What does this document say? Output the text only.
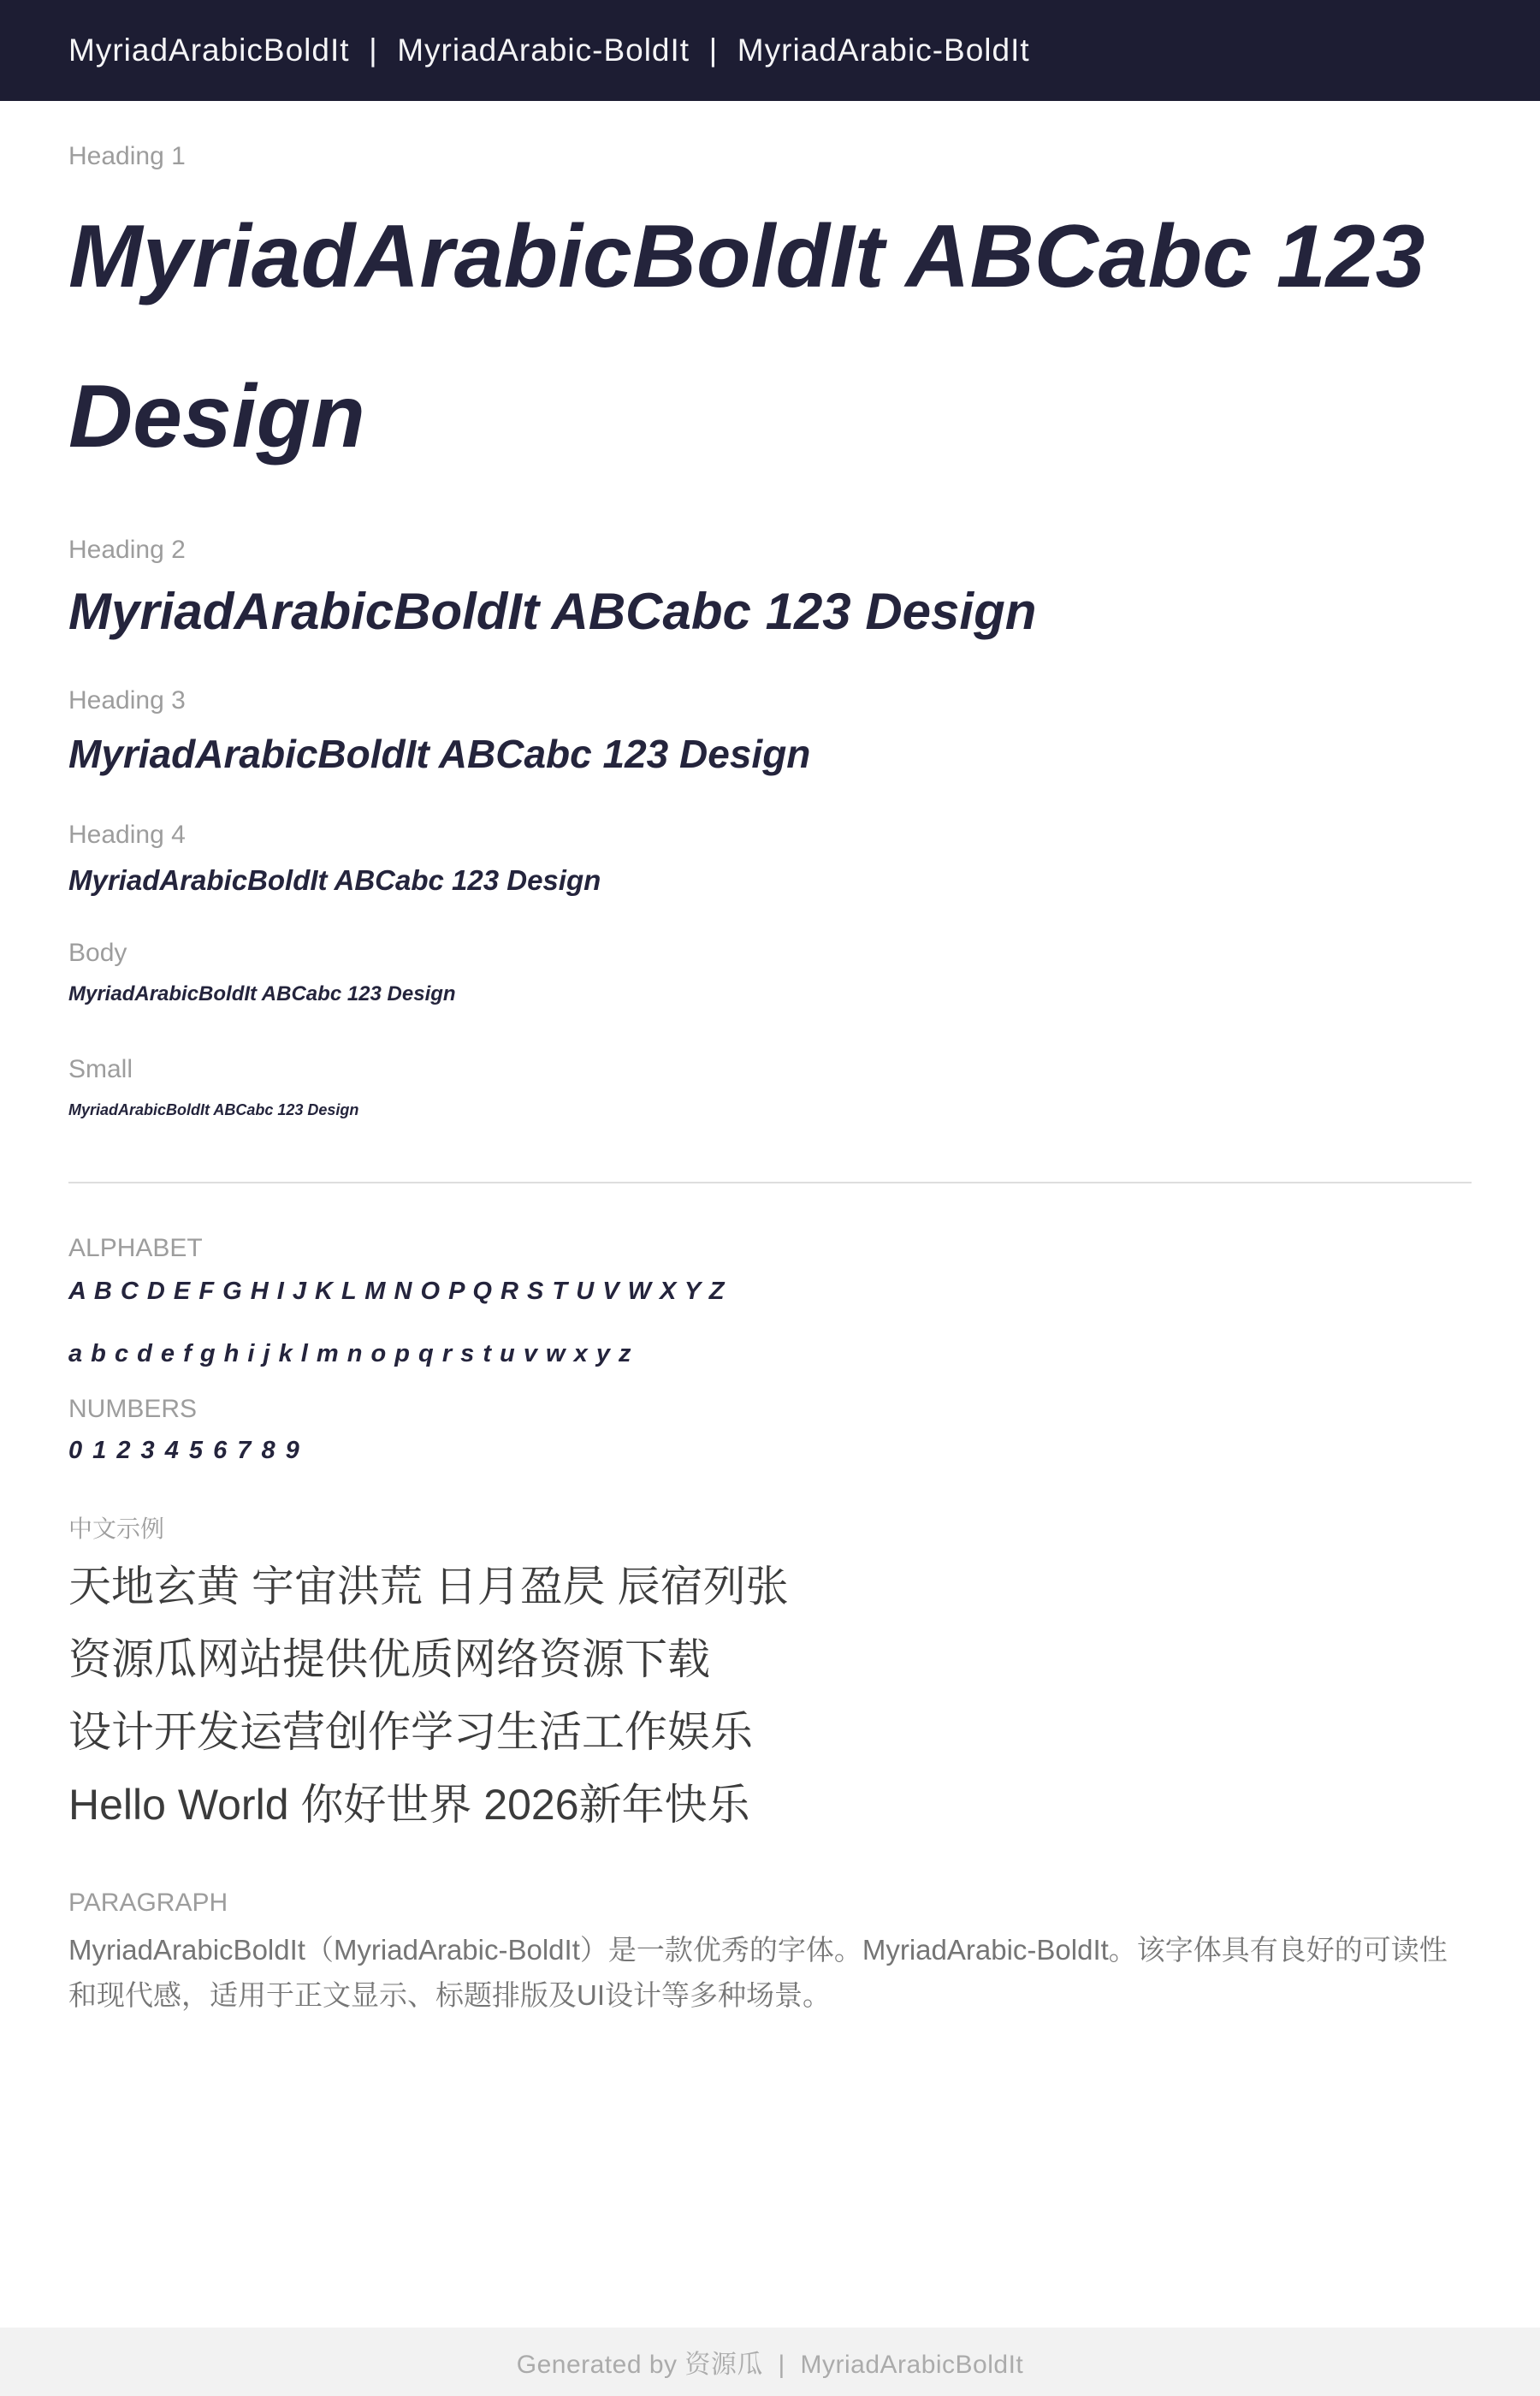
MyriadArabicBoldIt  |  MyriadArabic-BoldIt  |  MyriadArabic-BoldIt
Heading 1
MyriadArabicBoldIt ABCabc 123 Design
Heading 2
MyriadArabicBoldIt ABCabc 123 Design
Heading 3
MyriadArabicBoldIt ABCabc 123 Design
Heading 4
MyriadArabicBoldIt ABCabc 123 Design
Body
MyriadArabicBoldIt ABCabc 123 Design
Small
MyriadArabicBoldIt ABCabc 123 Design
ALPHABET
A B C D E F G H I J K L M N O P Q R S T U V W X Y Z
a b c d e f g h i j k l m n o p q r s t u v w x y z
NUMBERS
0 1 2 3 4 5 6 7 8 9
中文示例

天地玄黄 宇宙洪荒 日月盈昃 辰宿列张

资源瓜网站提供优质网络资源下载

设计开发运营创作学习生活工作娱乐

Hello World 你好世界 2026新年快乐

PARAGRAPH
MyriadArabicBoldIt（MyriadArabic-BoldIt）是一款优秀的字体。MyriadArabic-BoldIt。该字体具有良好的可读性和现代感，适用于正文显示、标题排版及UI设计等多种场景。
Generated by 资源瓜  |  MyriadArabicBoldIt
